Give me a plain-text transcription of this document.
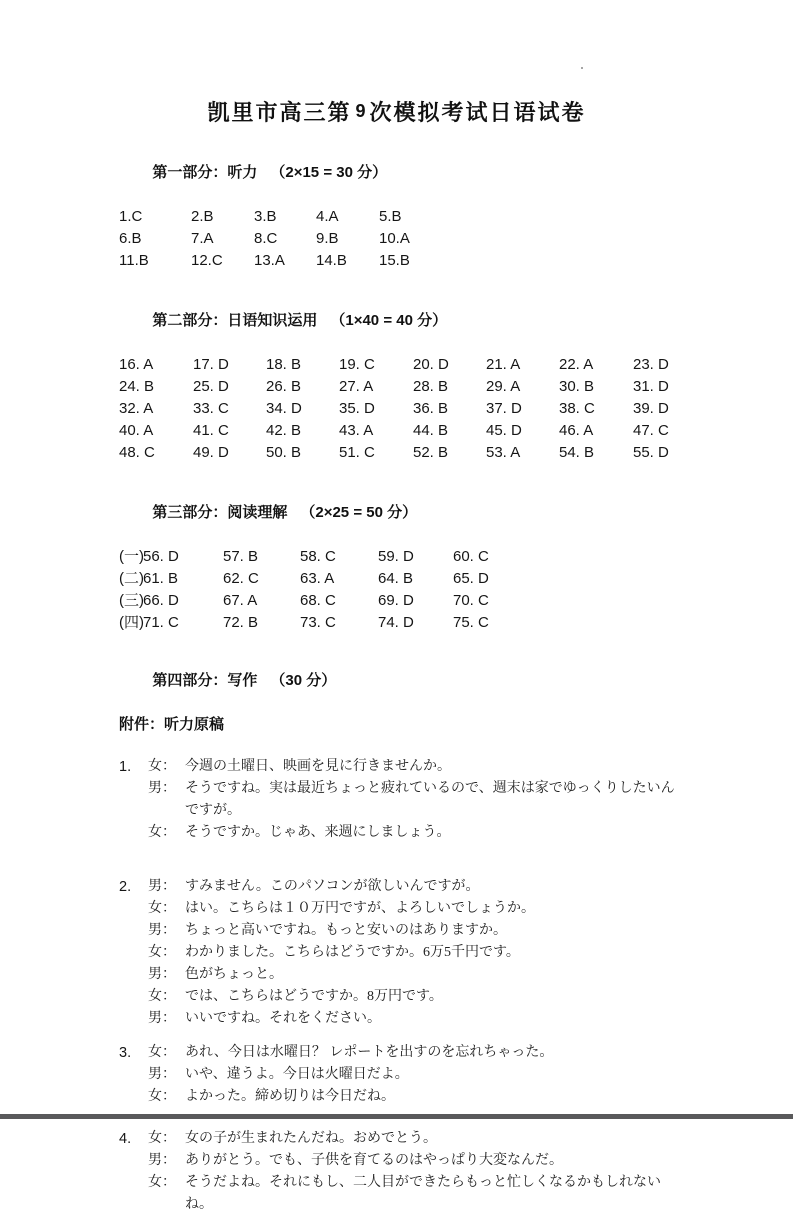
凯里市高三第 9 次模拟考试日语试卷

第一部分：听力 （2×15 = 30 分）

1.C	2.B	3.B	4.A	5.B
6.B	7.A	8.C	9.B	10.A
11.B	12.C 13.A 14.B 15.B

第二部分：日语知识运用 （1×40 = 40 分）

16. A	17. D 18. B	19. C	20. D 21. A	22. A	23. D
24. B	25. D 26. B	27. A	28. B	29. A	30. B	31. D
32. A	33. C 34. D 35. D	36. B	37. D 38. C	39. D
40. A	41. C 42. B	43. A	44. B	45. D 46. A	47. C
48. C	49. D 50. B	51. C	52. B	53. A	54. B	55. D

第三部分：阅读理解 （2×25 = 50 分）

(一) 56. D	57. B	58. C	59. D	60. C
(二) 61. B	62. C	63. A	64. B	65. D
(三) 66. D	67. A	68. C	69. D	70. C
(四) 71. C	72. B	73. C	74. D	75. C

第四部分：写作 （30 分）

附件：听力原稿
1.	女： 今週の土曜日、映画を見に行きませんか。
男： そうですね。実は最近ちょっと疲れているので、週末は家でゆっくりしたいんですが。
女： そうですか。じゃあ、来週にしましょう。
2.	男： すみません。このパソコンが欲しいんですが。
女： はい。こちらは１０万円ですが、よろしいでしょうか。
男： ちょっと高いですね。もっと安いのはありますか。
女： わかりました。こちらはどうですか。6万5千円です。
男： 色がちょっと。
女： では、こちらはどうですか。8万円です。
男： いいですね。それをください。
3.	女： あれ、今日は水曜日？ レポートを出すのを忘れちゃった。
男： いや、違うよ。今日は火曜日だよ。
女： よかった。締め切りは今日だね。
4.	女： 女の子が生まれたんだね。おめでとう。
男： ありがとう。でも、子供を育てるのはやっぱり大変なんだ。
女： そうだよね。それにもし、二人目ができたらもっと忙しくなるかもしれないね。
